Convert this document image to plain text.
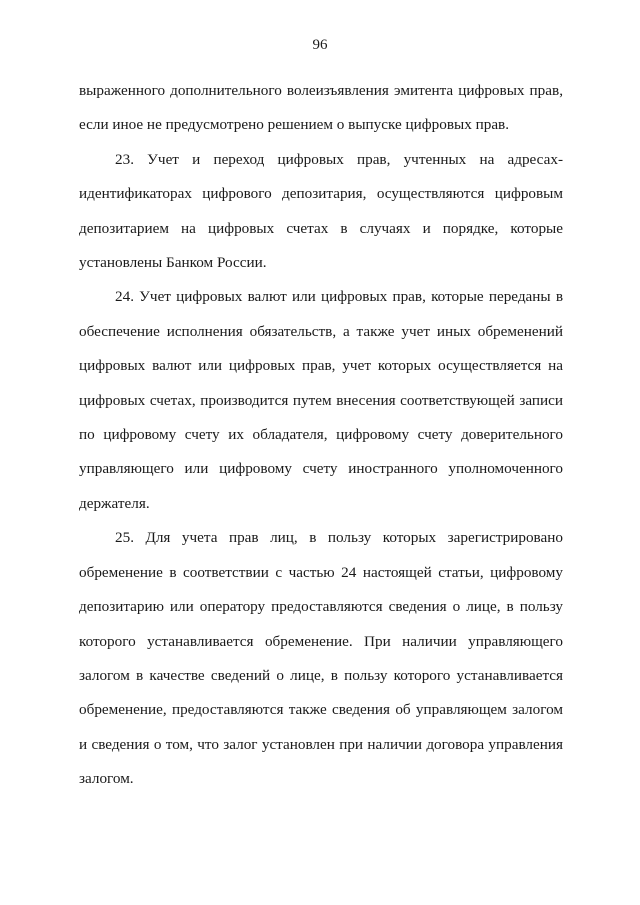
96

выраженного дополнительного волеизъявления эмитента цифровых прав, если иное не предусмотрено решением о выпуске цифровых прав.

23. Учет и переход цифровых прав, учтенных на адресах-идентификаторах цифрового депозитария, осуществляются цифровым депозитарием на цифровых счетах в случаях и порядке, которые установлены Банком России.

24. Учет цифровых валют или цифровых прав, которые переданы в обеспечение исполнения обязательств, а также учет иных обременений цифровых валют или цифровых прав, учет которых осуществляется на цифровых счетах, производится путем внесения соответствующей записи по цифровому счету их обладателя, цифровому счету доверительного управляющего или цифровому счету иностранного уполномоченного держателя.

25. Для учета прав лиц, в пользу которых зарегистрировано обременение в соответствии с частью 24 настоящей статьи, цифровому депозитарию или оператору предоставляются сведения о лице, в пользу которого устанавливается обременение. При наличии управляющего залогом в качестве сведений о лице, в пользу которого устанавливается обременение, предоставляются также сведения об управляющем залогом и сведения о том, что залог установлен при наличии договора управления залогом.
